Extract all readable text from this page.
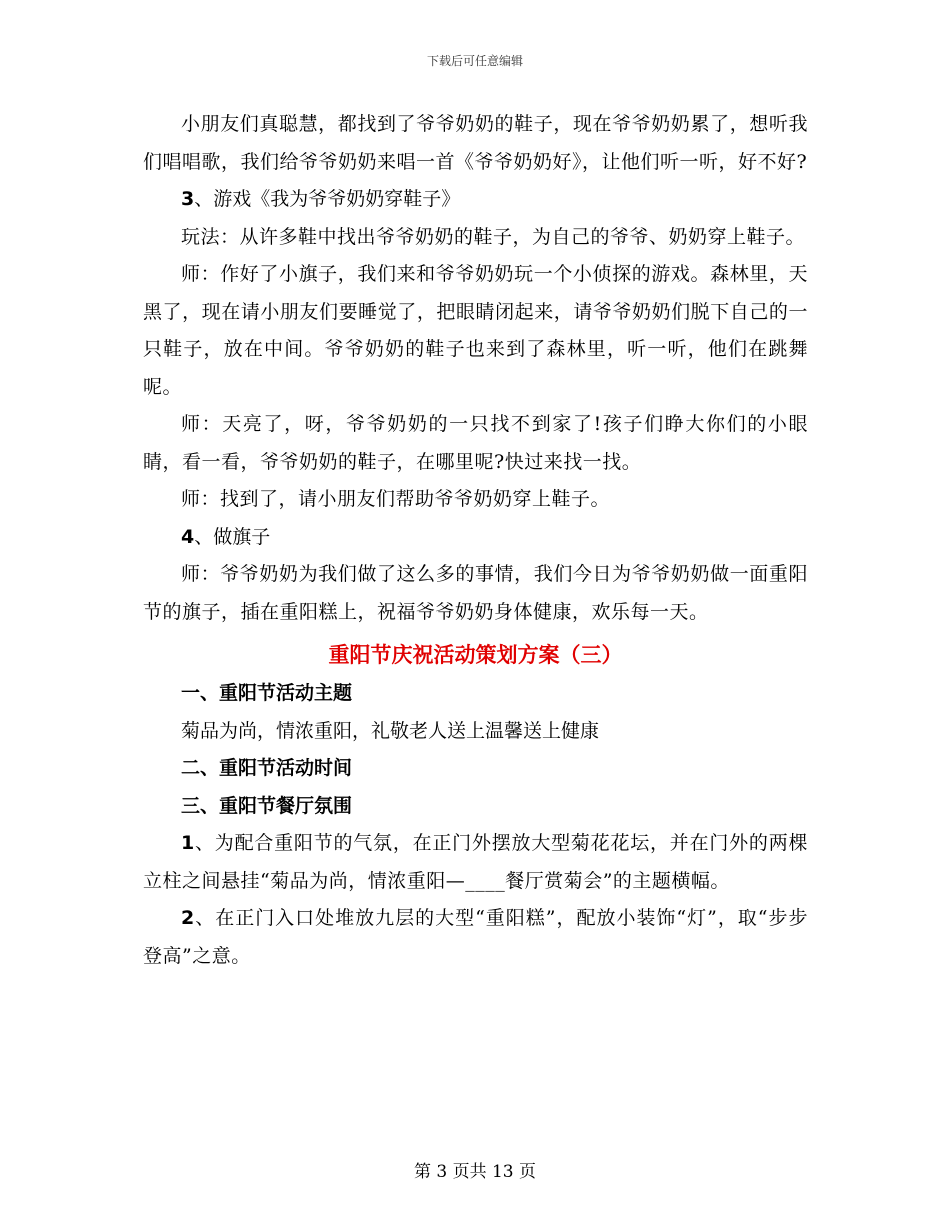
下载后可任意编辑

小朋友们真聪慧，都找到了爷爷奶奶的鞋子，现在爷爷奶奶累了，想听我们唱唱歌，我们给爷爷奶奶来唱一首《爷爷奶奶好》，让他们听一听，好不好?

3、游戏《我为爷爷奶奶穿鞋子》

玩法：从许多鞋中找出爷爷奶奶的鞋子，为自己的爷爷、奶奶穿上鞋子。

师：作好了小旗子，我们来和爷爷奶奶玩一个小侦探的游戏。森林里，天黑了，现在请小朋友们要睡觉了，把眼睛闭起来，请爷爷奶奶们脱下自己的一只鞋子，放在中间。爷爷奶奶的鞋子也来到了森林里，听一听，他们在跳舞呢。

师：天亮了，呀，爷爷奶奶的一只找不到家了!孩子们睁大你们的小眼睛，看一看，爷爷奶奶的鞋子，在哪里呢?快过来找一找。

师：找到了，请小朋友们帮助爷爷奶奶穿上鞋子。

4、做旗子

师：爷爷奶奶为我们做了这么多的事情，我们今日为爷爷奶奶做一面重阳节的旗子，插在重阳糕上，祝福爷爷奶奶身体健康，欢乐每一天。

重阳节庆祝活动策划方案（三）

一、重阳节活动主题

菊品为尚，情浓重阳，礼敬老人送上温馨送上健康

二、重阳节活动时间

三、重阳节餐厅氛围

1、为配合重阳节的气氛，在正门外摆放大型菊花花坛，并在门外的两棵立柱之间悬挂“菊品为尚，情浓重阳—____餐厅赏菊会”的主题横幅。

2、在正门入口处堆放九层的大型“重阳糕”，配放小装饰“灯”，取“步步登高”之意。

第 3 页共 13 页
